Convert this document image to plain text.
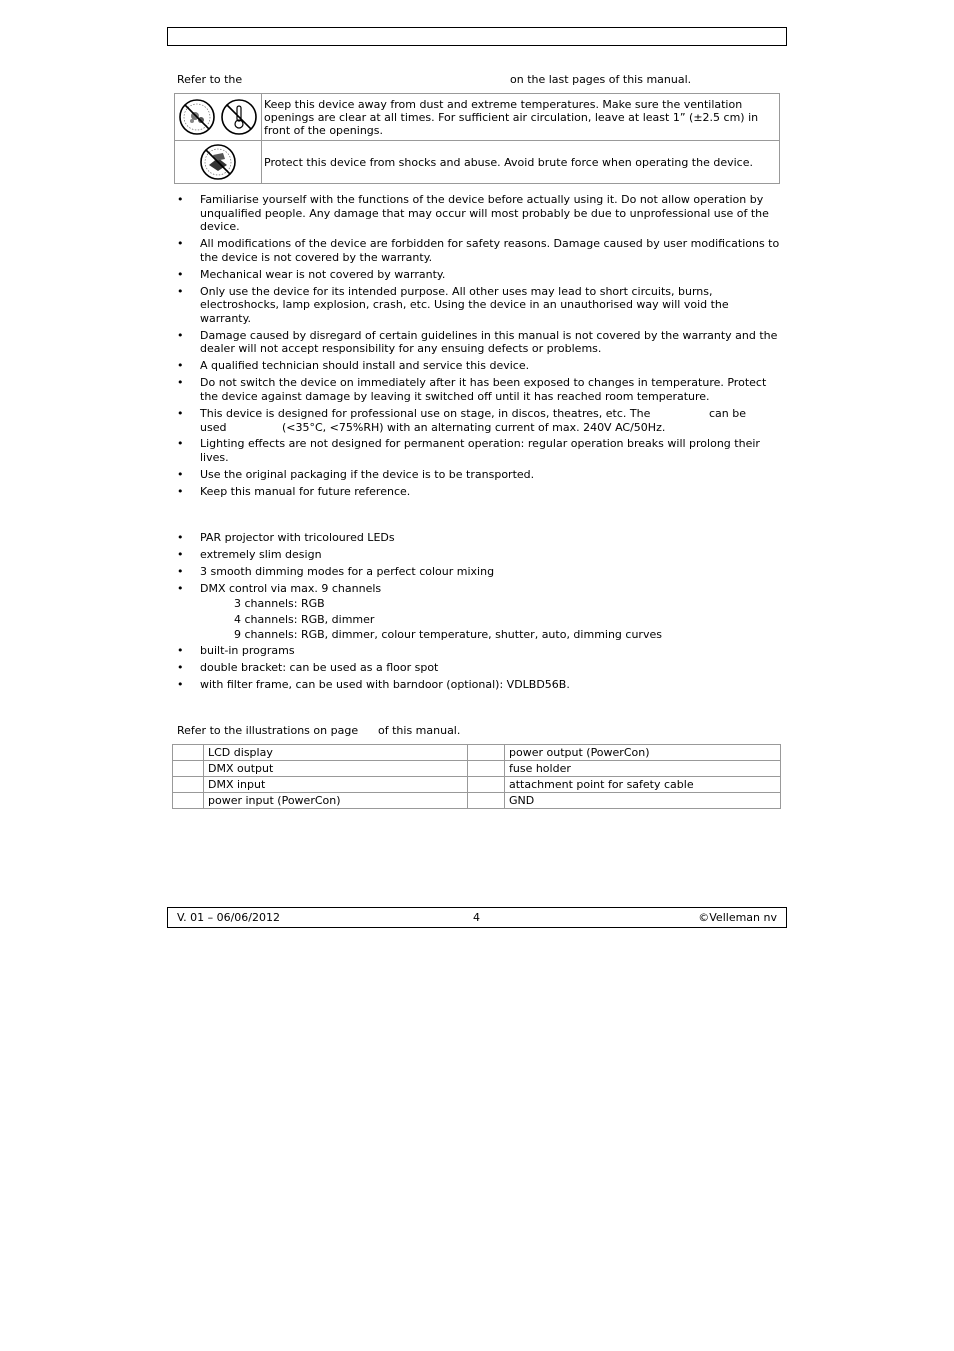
Refer to the	on the last pages of this manual.
	Keep this device away from dust and extreme temperatures. Make sure the ventilation openings are clear at all times. For sufficient air circulation, leave at least 1” (±2.5 cm) in front of the openings.
	Protect this device from shocks and abuse. Avoid brute force when operating the device.
• Familiarise yourself with the functions of the device before actually using it. Do not allow operation by unqualified people. Any damage that may occur will most probably be due to unprofessional use of the device.
• All modifications of the device are forbidden for safety reasons. Damage caused by user modifications to the device is not covered by the warranty.
• Mechanical wear is not covered by warranty.
• Only use the device for its intended purpose. All other uses may lead to short circuits, burns, electroshocks, lamp explosion, crash, etc. Using the device in an unauthorised way will void the warranty.
• Damage caused by disregard of certain guidelines in this manual is not covered by the warranty and the dealer will not accept responsibility for any ensuing defects or problems.
• A qualified technician should install and service this device.
• Do not switch the device on immediately after it has been exposed to changes in temperature. Protect the device against damage by leaving it switched off until it has reached room temperature.
• This device is designed for professional use on stage, in discos, theatres, etc. The	can be
used	(<35°C, <75%RH) with an alternating current of max. 240V AC/50Hz.
• Lighting effects are not designed for permanent operation: regular operation breaks will prolong their lives.
• Use the original packaging if the device is to be transported.
• Keep this manual for future reference.
• PAR projector with tricoloured LEDs
• extremely slim design
• 3 smooth dimming modes for a perfect colour mixing
• DMX control via max. 9 channels
3 channels: RGB
4 channels: RGB, dimmer
9 channels: RGB, dimmer, colour temperature, shutter, auto, dimming curves
• built-in programs
• double bracket: can be used as a floor spot
• with filter frame, can be used with barndoor (optional): VDLBD56B.
Refer to the illustrations on page of this manual.
	LCD display		power output (PowerCon)
	DMX output		fuse holder
	DMX input		attachment point for safety cable
	power input (PowerCon)		GND
V. 01 – 06/06/2012	4	©Velleman nv
